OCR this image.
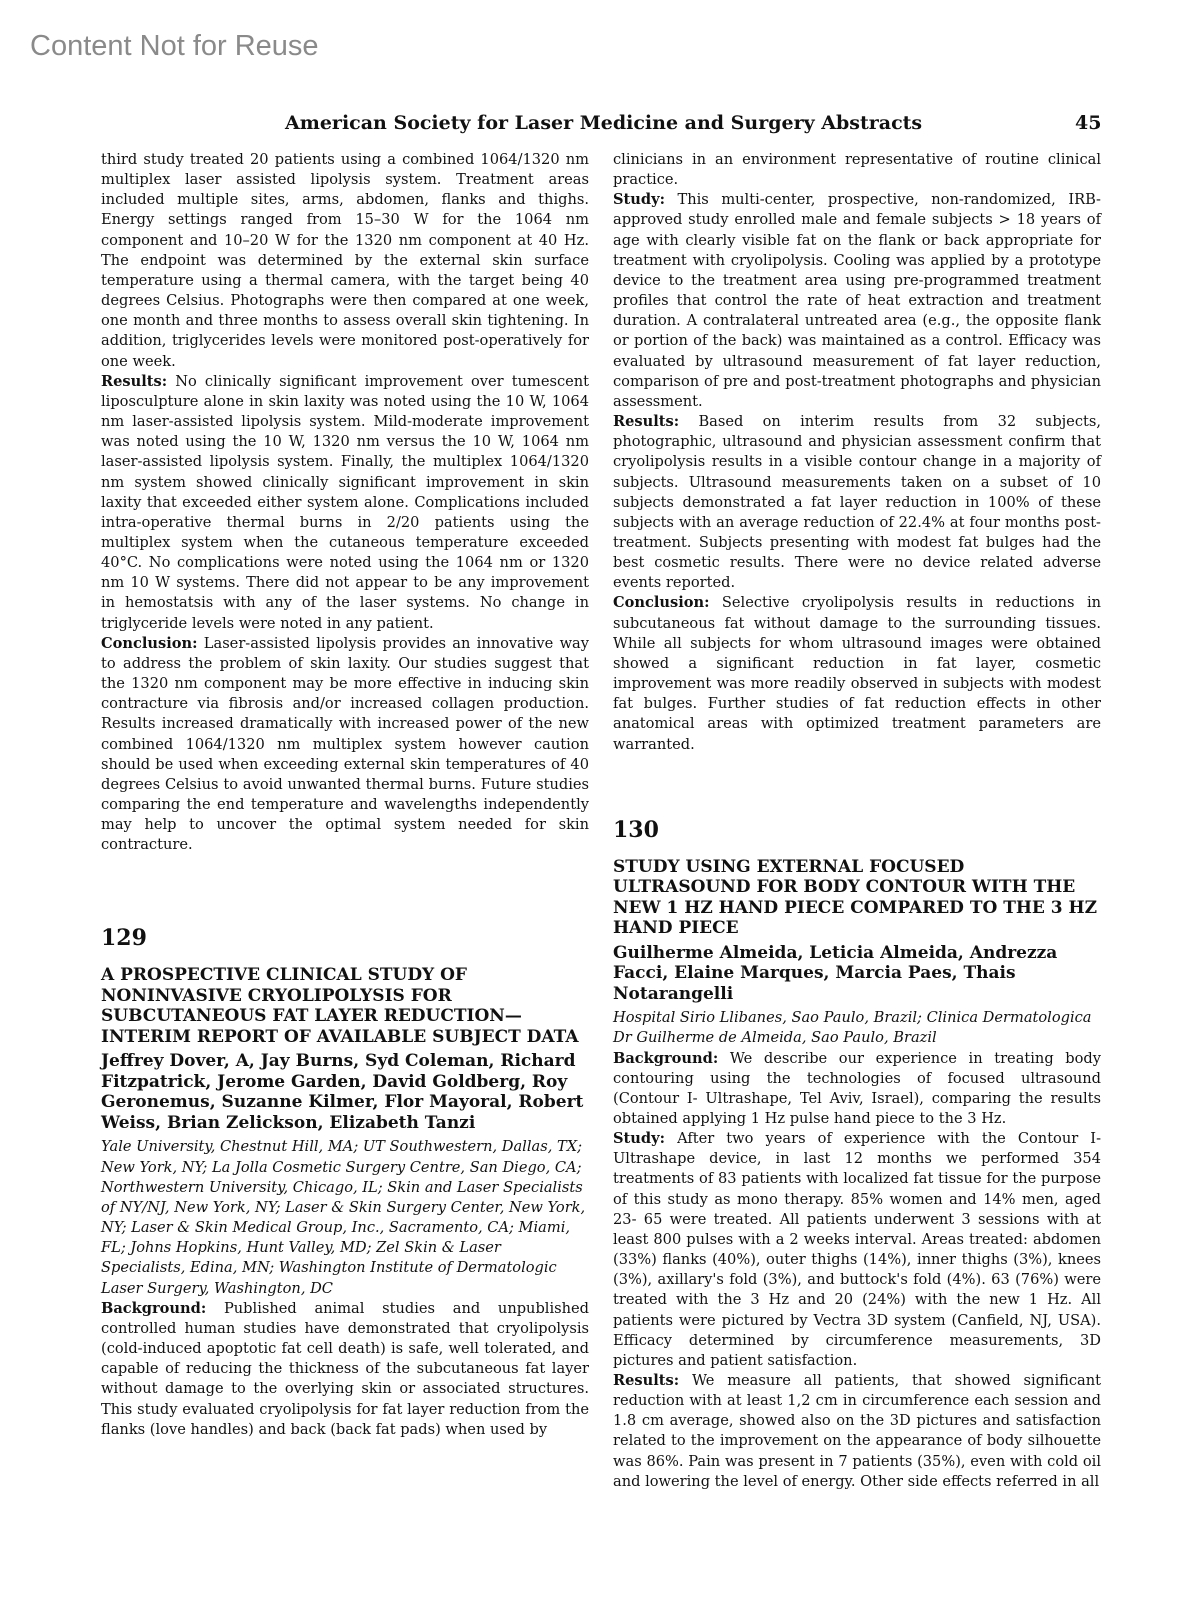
Content Not for Reuse
American Society for Laser Medicine and Surgery Abstracts	45

third study treated 20 patients using a combined 1064/1320 nm multiplex laser assisted lipolysis system. Treatment areas included multiple sites, arms, abdomen, flanks and thighs. Energy settings ranged from 15–30 W for the 1064 nm component and 10–20 W for the 1320 nm component at 40 Hz. The endpoint was determined by the external skin surface temperature using a thermal camera, with the target being 40 degrees Celsius. Photographs were then compared at one week, one month and three months to assess overall skin tightening. In addition, triglycerides levels were monitored post-operatively for one week.

Results: No clinically significant improvement over tumescent liposculpture alone in skin laxity was noted using the 10 W, 1064 nm laser-assisted lipolysis system. Mild-moderate improvement was noted using the 10 W, 1320 nm versus the 10 W, 1064 nm laser-assisted lipolysis system. Finally, the multiplex 1064/1320 nm system showed clinically significant improvement in skin laxity that exceeded either system alone. Complications included intra-operative thermal burns in 2/20 patients using the multiplex system when the cutaneous temperature exceeded 40°C. No complications were noted using the 1064 nm or 1320 nm 10 W systems. There did not appear to be any improvement in hemostatsis with any of the laser systems. No change in triglyceride levels were noted in any patient.

Conclusion: Laser-assisted lipolysis provides an innovative way to address the problem of skin laxity. Our studies suggest that the 1320 nm component may be more effective in inducing skin contracture via fibrosis and/or increased collagen production. Results increased dramatically with increased power of the new combined 1064/1320 nm multiplex system however caution should be used when exceeding external skin temperatures of 40 degrees Celsius to avoid unwanted thermal burns. Future studies comparing the end temperature and wavelengths independently may help to uncover the optimal system needed for skin contracture.

129
A PROSPECTIVE CLINICAL STUDY OF NONINVASIVE CRYOLIPOLYSIS FOR SUBCUTANEOUS FAT LAYER REDUCTION—INTERIM REPORT OF AVAILABLE SUBJECT DATA
Jeffrey Dover, A, Jay Burns, Syd Coleman, Richard Fitzpatrick, Jerome Garden, David Goldberg, Roy Geronemus, Suzanne Kilmer, Flor Mayoral, Robert Weiss, Brian Zelickson, Elizabeth Tanzi
Yale University, Chestnut Hill, MA; UT Southwestern, Dallas, TX; New York, NY; La Jolla Cosmetic Surgery Centre, San Diego, CA; Northwestern University, Chicago, IL; Skin and Laser Specialists of NY/NJ, New York, NY; Laser & Skin Surgery Center, New York, NY; Laser & Skin Medical Group, Inc., Sacramento, CA; Miami, FL; Johns Hopkins, Hunt Valley, MD; Zel Skin & Laser Specialists, Edina, MN; Washington Institute of Dermatologic Laser Surgery, Washington, DC

Background: Published animal studies and unpublished controlled human studies have demonstrated that cryolipolysis (cold-induced apoptotic fat cell death) is safe, well tolerated, and capable of reducing the thickness of the subcutaneous fat layer without damage to the overlying skin or associated structures. This study evaluated cryolipolysis for fat layer reduction from the flanks (love handles) and back (back fat pads) when used by

clinicians in an environment representative of routine clinical practice.

Study: This multi-center, prospective, non-randomized, IRB-approved study enrolled male and female subjects > 18 years of age with clearly visible fat on the flank or back appropriate for treatment with cryolipolysis. Cooling was applied by a prototype device to the treatment area using pre-programmed treatment profiles that control the rate of heat extraction and treatment duration. A contralateral untreated area (e.g., the opposite flank or portion of the back) was maintained as a control. Efficacy was evaluated by ultrasound measurement of fat layer reduction, comparison of pre and post-treatment photographs and physician assessment.

Results: Based on interim results from 32 subjects, photographic, ultrasound and physician assessment confirm that cryolipolysis results in a visible contour change in a majority of subjects. Ultrasound measurements taken on a subset of 10 subjects demonstrated a fat layer reduction in 100% of these subjects with an average reduction of 22.4% at four months post-treatment. Subjects presenting with modest fat bulges had the best cosmetic results. There were no device related adverse events reported.

Conclusion: Selective cryolipolysis results in reductions in subcutaneous fat without damage to the surrounding tissues. While all subjects for whom ultrasound images were obtained showed a significant reduction in fat layer, cosmetic improvement was more readily observed in subjects with modest fat bulges. Further studies of fat reduction effects in other anatomical areas with optimized treatment parameters are warranted.

130
STUDY USING EXTERNAL FOCUSED ULTRASOUND FOR BODY CONTOUR WITH THE NEW 1 HZ HAND PIECE COMPARED TO THE 3 HZ HAND PIECE
Guilherme Almeida, Leticia Almeida, Andrezza Facci, Elaine Marques, Marcia Paes, Thais Notarangelli
Hospital Sirio Llibanes, Sao Paulo, Brazil; Clinica Dermatologica Dr Guilherme de Almeida, Sao Paulo, Brazil

Background: We describe our experience in treating body contouring using the technologies of focused ultrasound (Contour I- Ultrashape, Tel Aviv, Israel), comparing the results obtained applying 1 Hz pulse hand piece to the 3 Hz.

Study: After two years of experience with the Contour I- Ultrashape device, in last 12 months we performed 354 treatments of 83 patients with localized fat tissue for the purpose of this study as mono therapy. 85% women and 14% men, aged 23- 65 were treated. All patients underwent 3 sessions with at least 800 pulses with a 2 weeks interval. Areas treated: abdomen (33%) flanks (40%), outer thighs (14%), inner thighs (3%), knees (3%), axillary's fold (3%), and buttock's fold (4%). 63 (76%) were treated with the 3 Hz and 20 (24%) with the new 1 Hz. All patients were pictured by Vectra 3D system (Canfield, NJ, USA). Efficacy determined by circumference measurements, 3D pictures and patient satisfaction.

Results: We measure all patients, that showed significant reduction with at least 1,2 cm in circumference each session and 1.8 cm average, showed also on the 3D pictures and satisfaction related to the improvement on the appearance of body silhouette was 86%. Pain was present in 7 patients (35%), even with cold oil and lowering the level of energy. Other side effects referred in all
